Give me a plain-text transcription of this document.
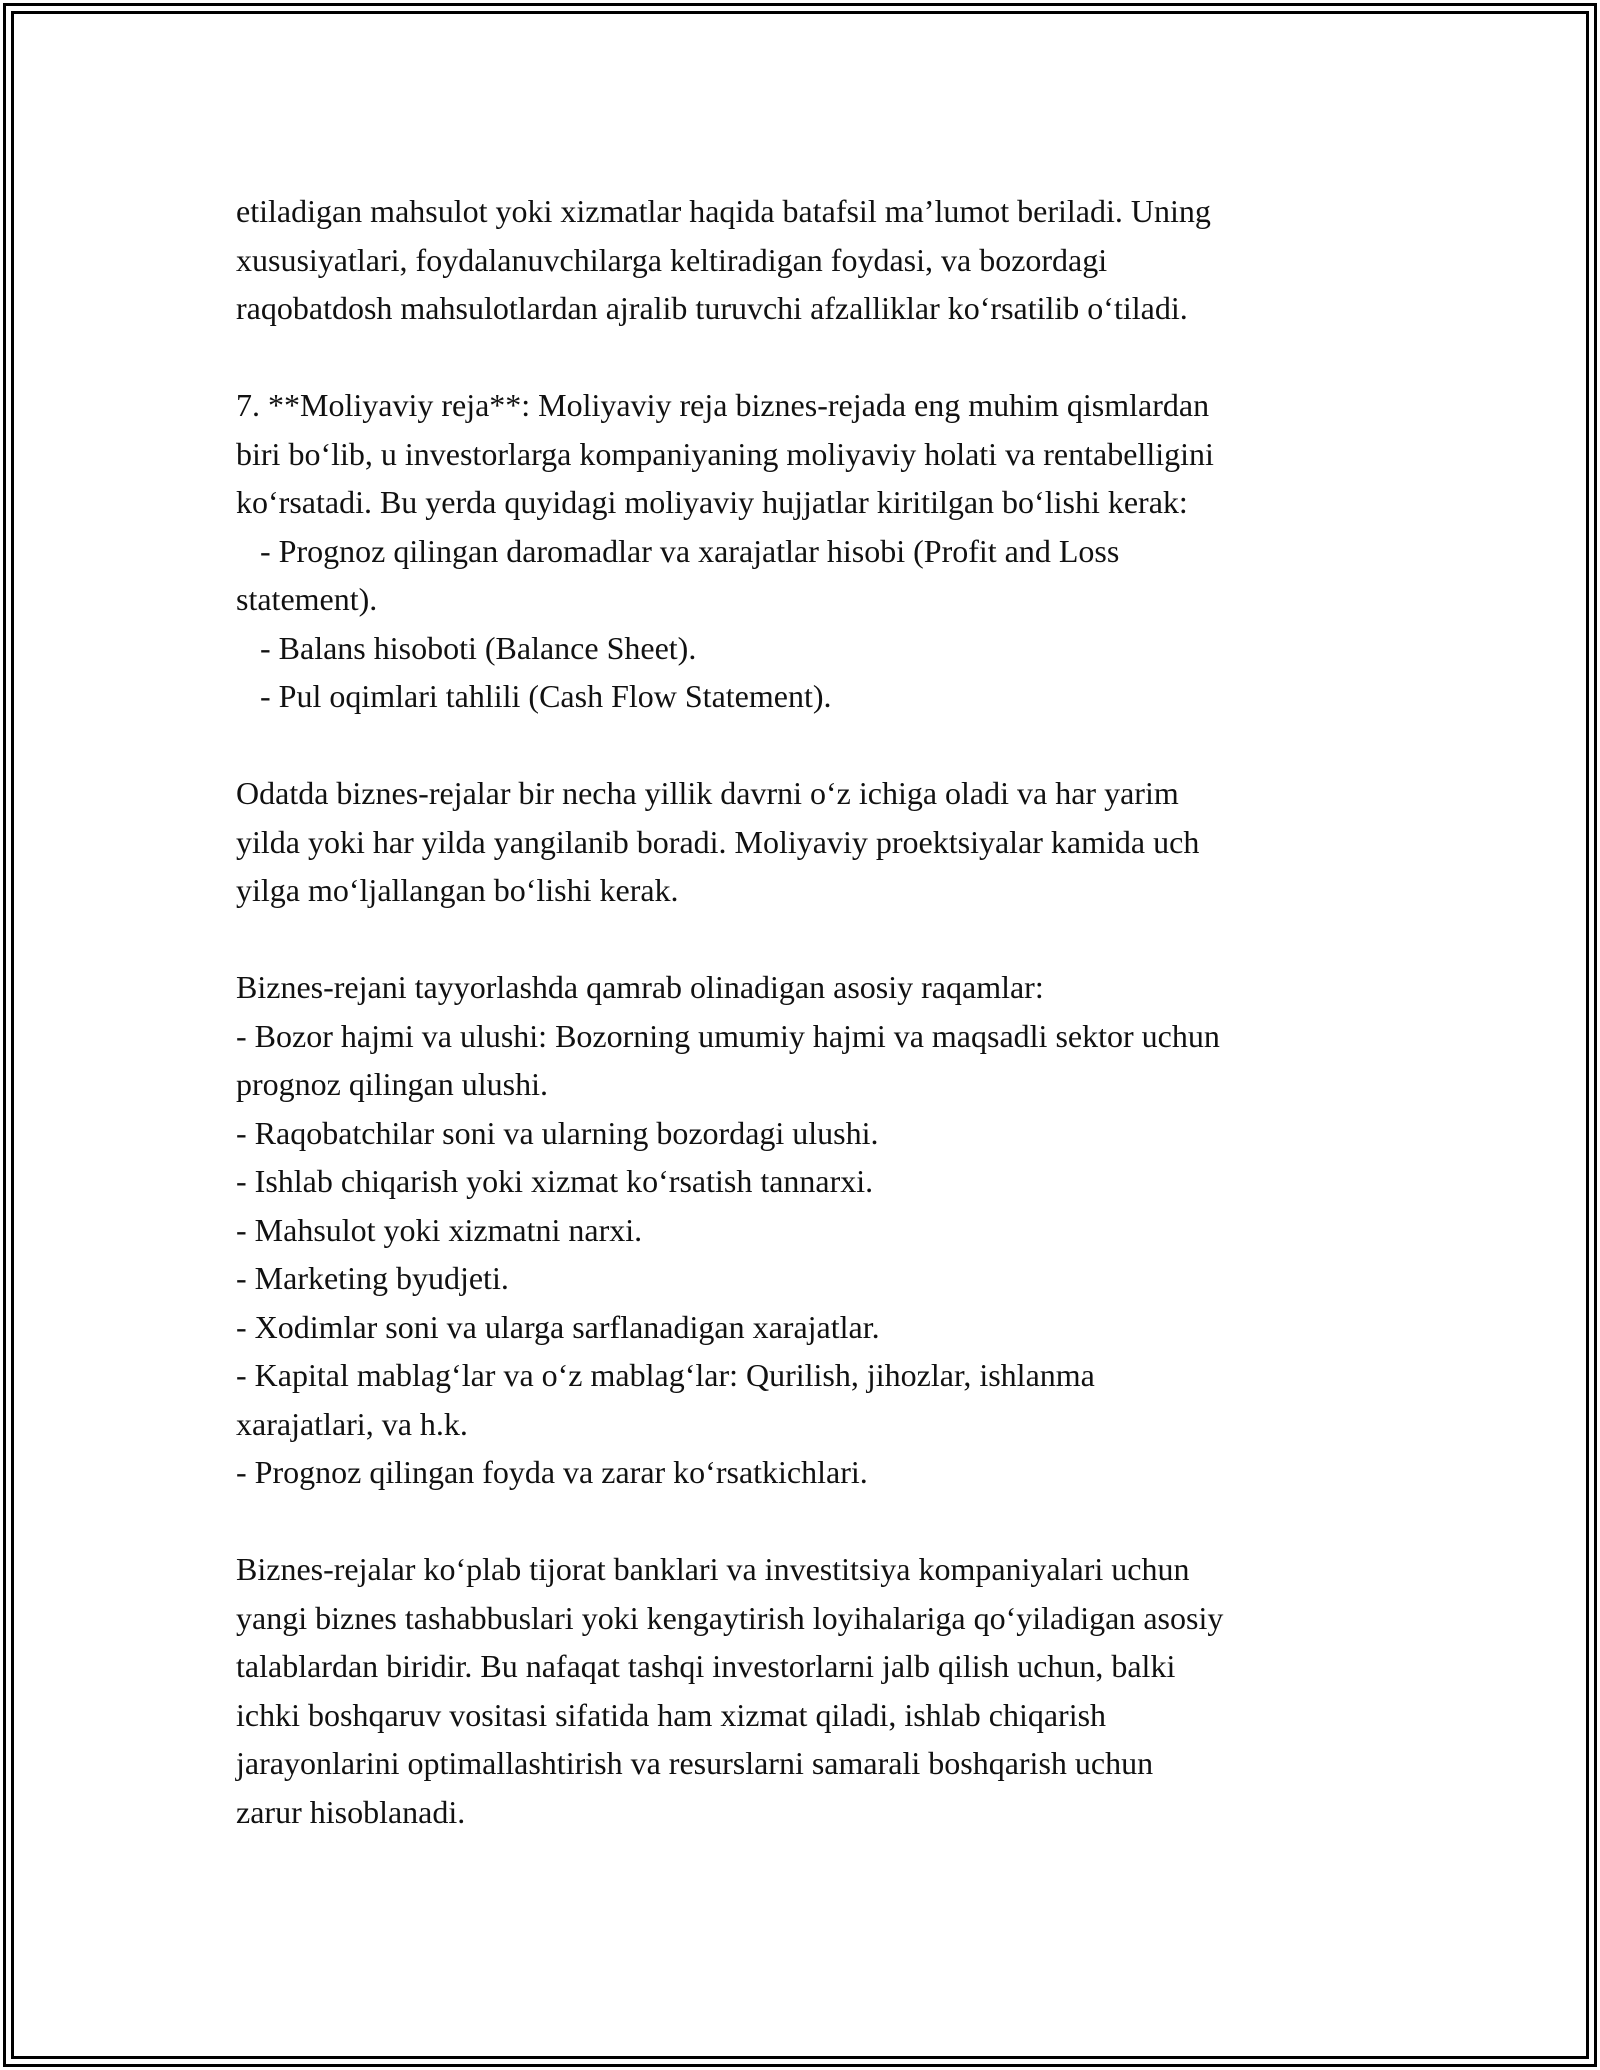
etiladigan mahsulot yoki xizmatlar haqida batafsil ma’lumot beriladi. Uning
xususiyatlari, foydalanuvchilarga keltiradigan foydasi, va bozordagi
raqobatdosh mahsulotlardan ajralib turuvchi afzalliklar koʻrsatilib oʻtiladi.
7. **Moliyaviy reja**: Moliyaviy reja biznes-rejada eng muhim qismlardan
biri boʻlib, u investorlarga kompaniyaning moliyaviy holati va rentabelligini
koʻrsatadi. Bu yerda quyidagi moliyaviy hujjatlar kiritilgan boʻlishi kerak:
- Prognoz qilingan daromadlar va xarajatlar hisobi (Profit and Loss
statement).
- Balans hisoboti (Balance Sheet).
- Pul oqimlari tahlili (Cash Flow Statement).
Odatda biznes-rejalar bir necha yillik davrni oʻz ichiga oladi va har yarim
yilda yoki har yilda yangilanib boradi. Moliyaviy proektsiyalar kamida uch
yilga moʻljallangan boʻlishi kerak.
Biznes-rejani tayyorlashda qamrab olinadigan asosiy raqamlar:
- Bozor hajmi va ulushi: Bozorning umumiy hajmi va maqsadli sektor uchun
prognoz qilingan ulushi.
- Raqobatchilar soni va ularning bozordagi ulushi.
- Ishlab chiqarish yoki xizmat koʻrsatish tannarxi.
- Mahsulot yoki xizmatni narxi.
- Marketing byudjeti.
- Xodimlar soni va ularga sarflanadigan xarajatlar.
- Kapital mablagʻlar va oʻz mablagʻlar: Qurilish, jihozlar, ishlanma
xarajatlari, va h.k.
- Prognoz qilingan foyda va zarar koʻrsatkichlari.
Biznes-rejalar koʻplab tijorat banklari va investitsiya kompaniyalari uchun
yangi biznes tashabbuslari yoki kengaytirish loyihalariga qoʻyiladigan asosiy
talablardan biridir. Bu nafaqat tashqi investorlarni jalb qilish uchun, balki
ichki boshqaruv vositasi sifatida ham xizmat qiladi, ishlab chiqarish
jarayonlarini optimallashtirish va resurslarni samarali boshqarish uchun
zarur hisoblanadi.
